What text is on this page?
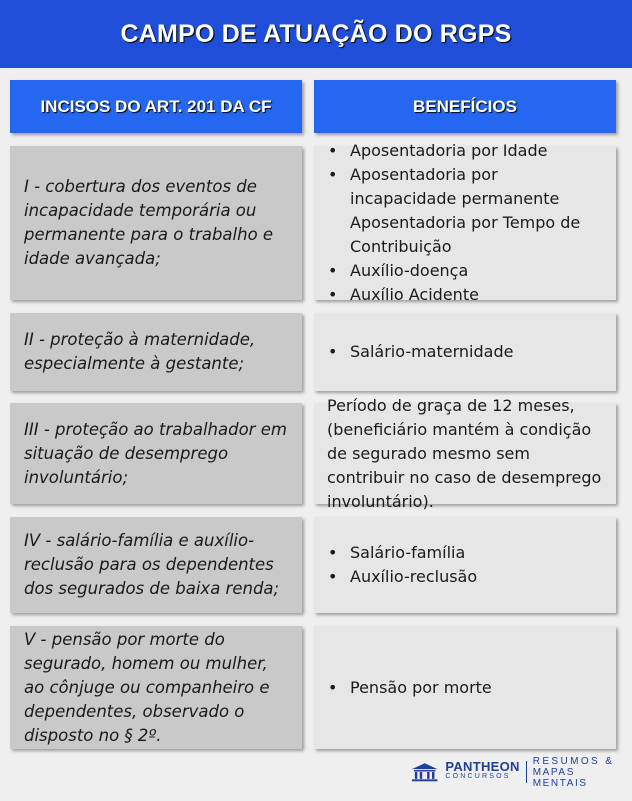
CAMPO DE ATUAÇÃO DO RGPS
INCISOS DO ART. 201 DA CF	BENEFÍCIOS
I - cobertura dos eventos de incapacidade temporária ou permanente para o trabalho e idade avançada;
• Aposentadoria por Idade
• Aposentadoria por incapacidade permanente Aposentadoria por Tempo de Contribuição
• Auxílio-doença
• Auxílio Acidente
II - proteção à maternidade, especialmente à gestante;
• Salário-maternidade
III - proteção ao trabalhador em situação de desemprego involuntário;
Período de graça de 12 meses, (beneficiário mantém à condição de segurado mesmo sem contribuir no caso de desemprego involuntário).
IV - salário-família e auxílio-reclusão para os dependentes dos segurados de baixa renda;
• Salário-família
• Auxílio-reclusão
V - pensão por morte do segurado, homem ou mulher, ao cônjuge ou companheiro e dependentes, observado o disposto no § 2º.
• Pensão por morte
PANTHEON
CONCURSOS
RESUMOS &
MAPAS MENTAIS
